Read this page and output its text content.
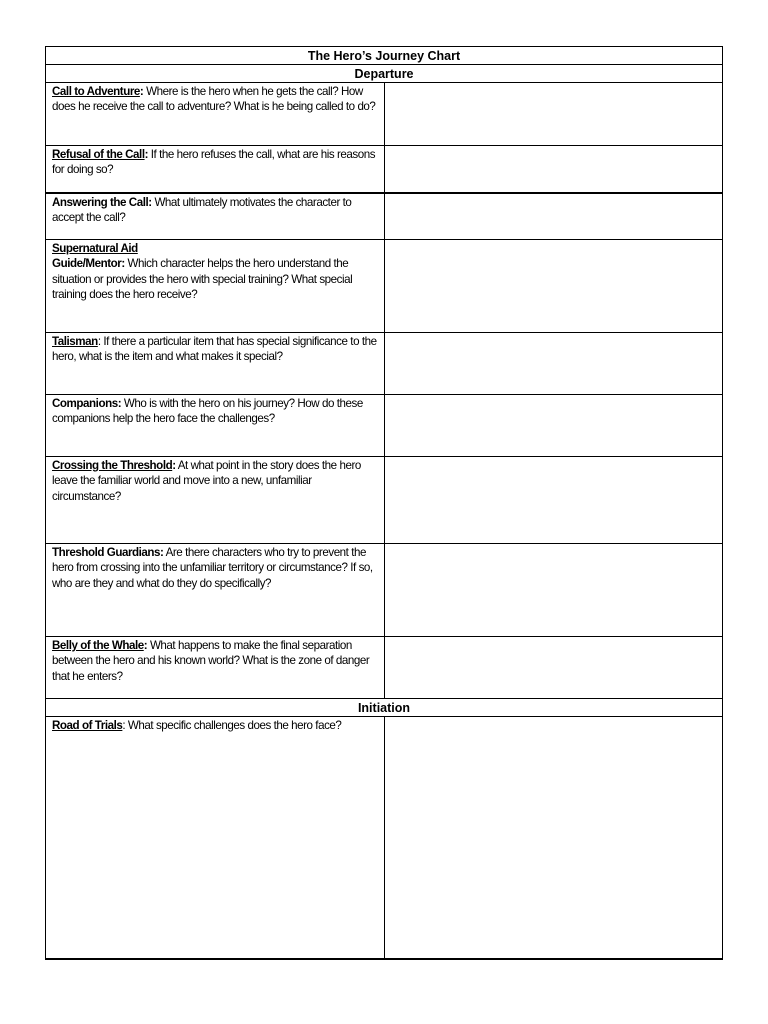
The Hero’s Journey Chart	
Departure	
Call to Adventure: Where is the hero when he gets the call? How does he receive the call to adventure? What is he being called to do?	
Refusal of the Call: If the hero refuses the call, what are his reasons for doing so?	
Answering the Call: What ultimately motivates the character to accept the call?	
Supernatural Aid
Guide/Mentor: Which character helps the hero understand the situation or provides the hero with special training? What special training does the hero receive?	
Talisman: If there a particular item that has special significance to the hero, what is the item and what makes it special?	
Companions: Who is with the hero on his journey? How do these companions help the hero face the challenges?	
Crossing the Threshold: At what point in the story does the hero leave the familiar world and move into a new, unfamiliar circumstance?	
Threshold Guardians: Are there characters who try to prevent the hero from crossing into the unfamiliar territory or circumstance? If so, who are they and what do they do specifically?	
Belly of the Whale: What happens to make the final separation between the hero and his known world? What is the zone of danger that he enters?	
Initiation	
Road of Trials: What specific challenges does the hero face?	
